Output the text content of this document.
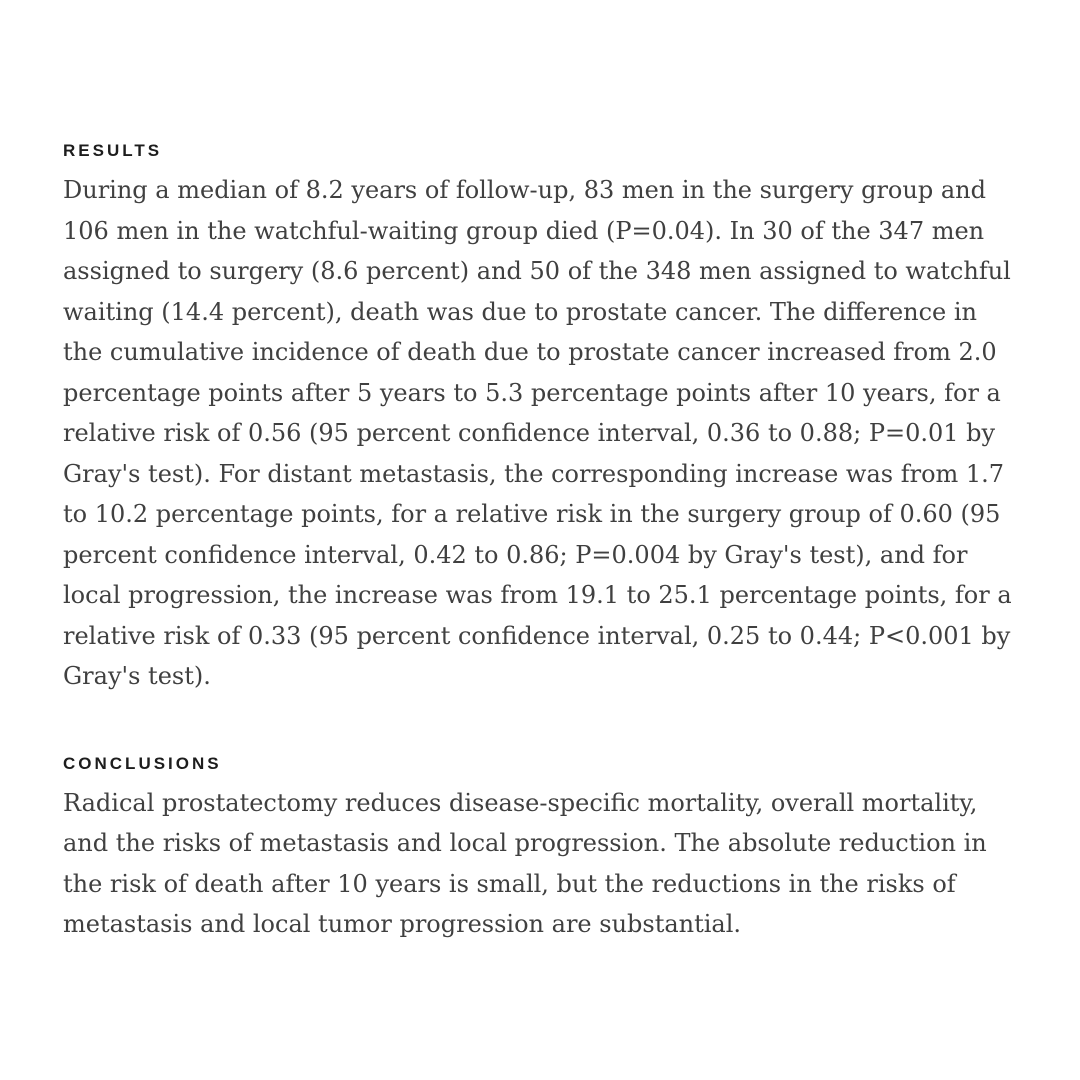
RESULTS

During a median of 8.2 years of follow-up, 83 men in the surgery group and 106 men in the watchful-waiting group died (P=0.04). In 30 of the 347 men assigned to surgery (8.6 percent) and 50 of the 348 men assigned to watchful waiting (14.4 percent), death was due to prostate cancer. The difference in the cumulative incidence of death due to prostate cancer increased from 2.0 percentage points after 5 years to 5.3 percentage points after 10 years, for a relative risk of 0.56 (95 percent confidence interval, 0.36 to 0.88; P=0.01 by Gray's test). For distant metastasis, the corresponding increase was from 1.7 to 10.2 percentage points, for a relative risk in the surgery group of 0.60 (95 percent confidence interval, 0.42 to 0.86; P=0.004 by Gray's test), and for local progression, the increase was from 19.1 to 25.1 percentage points, for a relative risk of 0.33 (95 percent confidence interval, 0.25 to 0.44; P<0.001 by Gray's test).

CONCLUSIONS

Radical prostatectomy reduces disease-specific mortality, overall mortality, and the risks of metastasis and local progression. The absolute reduction in the risk of death after 10 years is small, but the reductions in the risks of metastasis and local tumor progression are substantial.
